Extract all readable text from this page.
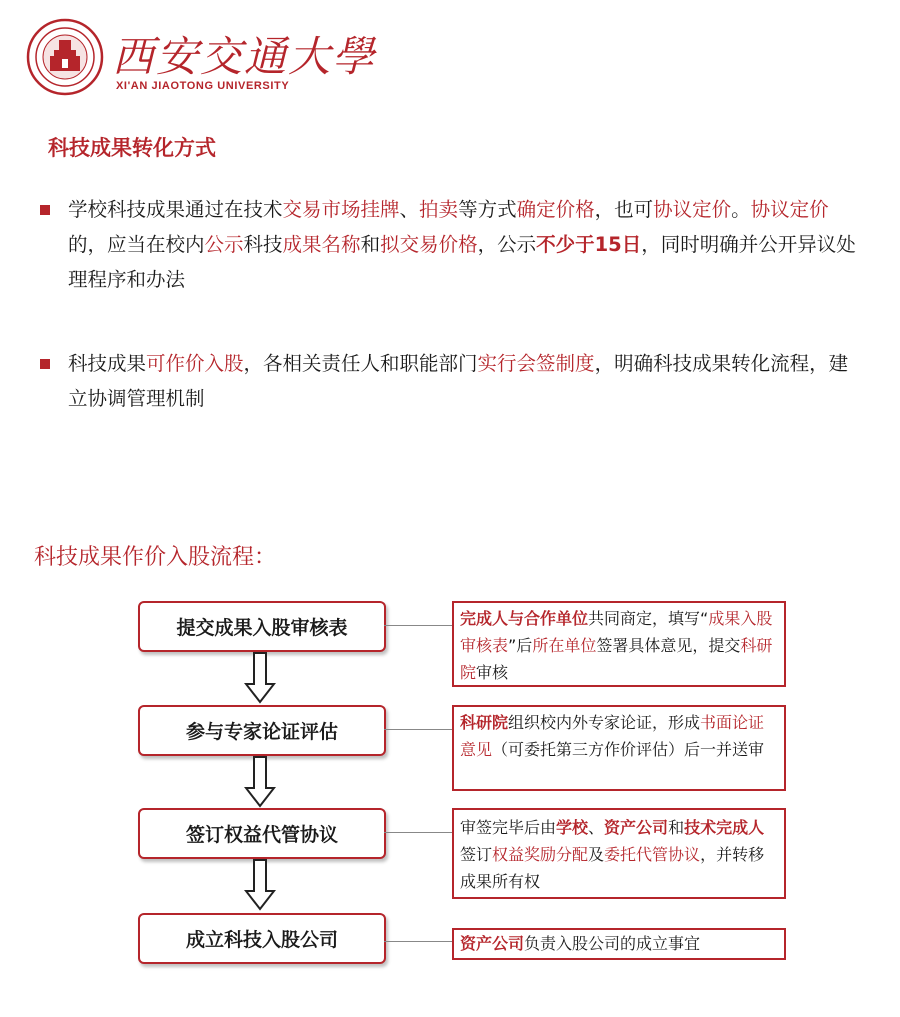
西安交通大學
XI'AN JIAOTONG UNIVERSITY
科技成果转化方式
学校科技成果通过在技术交易市场挂牌、拍卖等方式确定价格，也可协议定价。协议定价的，应当在校内公示科技成果名称和拟交易价格，公示不少于15日，同时明确并公开异议处理程序和办法
科技成果可作价入股，各相关责任人和职能部门实行会签制度，明确科技成果转化流程，建立协调管理机制
科技成果作价入股流程：
提交成果入股审核表
参与专家论证评估
签订权益代管协议
成立科技入股公司
完成人与合作单位共同商定，填写“成果入股审核表”后所在单位签署具体意见，提交科研院审核
科研院组织校内外专家论证，形成书面论证意见（可委托第三方作价评估）后一并送审
审签完毕后由学校、资产公司和技术完成人签订权益奖励分配及委托代管协议，并转移成果所有权
资产公司负责入股公司的成立事宜
